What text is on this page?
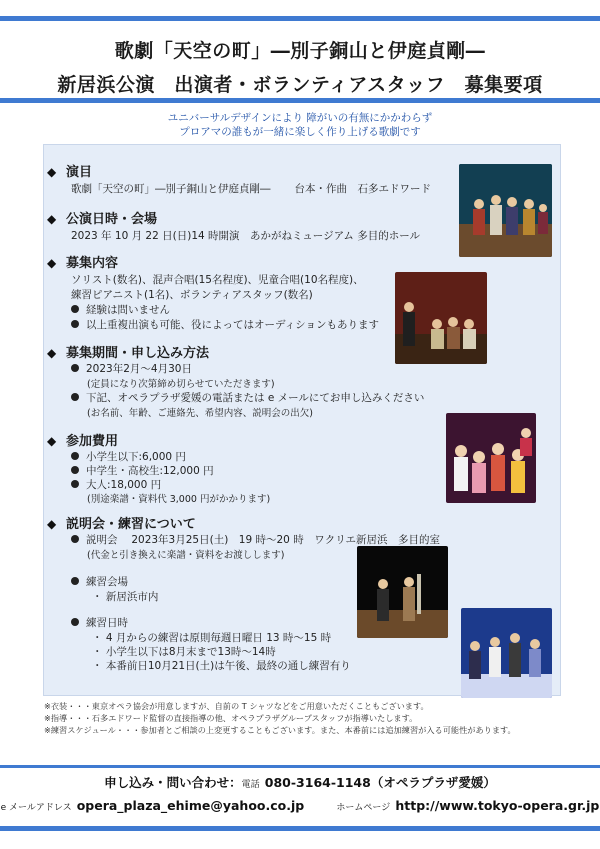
歌劇「天空の町」―別子銅山と伊庭貞剛―
新居浜公演　出演者・ボランティアスタッフ　募集要項
ユニバーサルデザインにより 障がいの有無にかかわらず
プロアマの誰もが一緒に楽しく作り上げる歌劇です
◆ 演目
歌劇「天空の町」―別子銅山と伊庭貞剛― 台本・作曲　石多エドワード
◆ 公演日時・会場
2023 年 10 月 22 日(日)14 時開演　あかがねミュージアム 多目的ホール
◆ 募集内容
ソリスト(数名)、混声合唱(15名程度)、児童合唱(10名程度)、
練習ピアニスト(1名)、ボランティアスタッフ(数名)
経験は問いません
以上重複出演も可能、役によってはオーディションもあります
◆ 募集期間・申し込み方法
2023年2月～4月30日
(定員になり次第締め切らせていただきます)
下記、オペラプラザ愛媛の電話または e メールにてお申し込みください
(お名前、年齢、ご連絡先、希望内容、説明会の出欠)
◆ 参加費用
小学生以下:6,000 円
中学生・高校生:12,000 円
大人:18,000 円
(別途楽譜・資料代 3,000 円がかかります)
◆ 説明会・練習について
説明会　 2023年3月25日(土)　19 時～20 時　ワクリエ新居浜　多目的室
(代金と引き換えに楽譜・資料をお渡しします)
練習会場
・ 新居浜市内
練習日時
・ 4 月からの練習は原則毎週日曜日 13 時～15 時
・ 小学生以下は8月末まで13時～14時
・ 本番前日10月21日(土)は午後、最終の通し練習有り
※衣装・・・東京オペラ協会が用意しますが、自前の T シャツなどをご用意いただくこともございます。
※指導・・・石多エドワード監督の直接指導の他、オペラプラザグループスタッフが指導いたします。
※練習スケジュール・・・参加者とご相談の上変更することもございます。また、本番前には追加練習が入る可能性があります。
申し込み・問い合わせ：電話 080-3164-1148（オペラプラザ愛媛）
e メールアドレス opera_plaza_ehime@yahoo.co.jp	ホームページ http://www.tokyo-opera.gr.jp
